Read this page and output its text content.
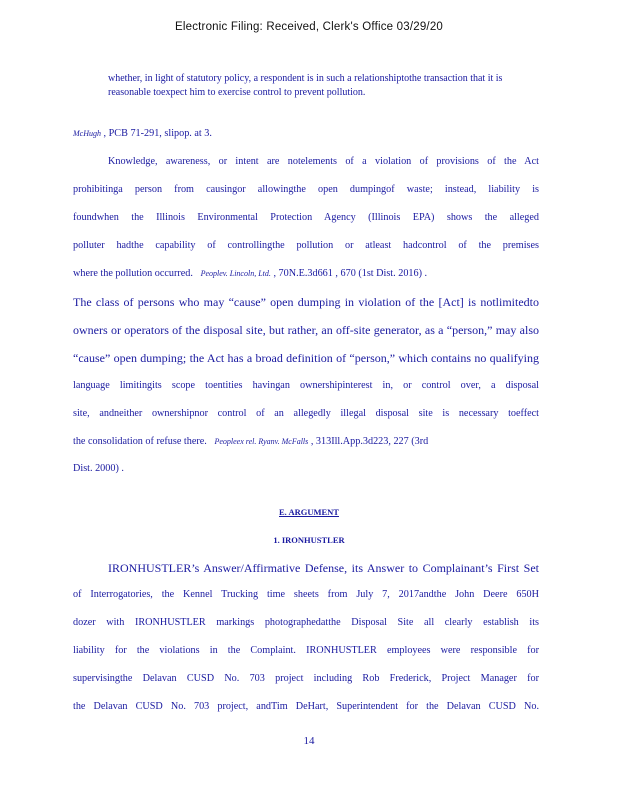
Electronic Filing: Received, Clerk's Office 03/29/20
whether, in light of statutory policy, a respondent is in such a relationshiptothe transaction that it is reasonable toexpect him to exercise control to prevent pollution.
McHugh , PCB 71-291, slipop. at 3.
Knowledge, awareness, or intent are notelements of a violation of provisions of the Act
prohibitinga person from causingor allowingthe open dumpingof waste; instead, liability is
foundwhen the Illinois Environmental Protection Agency (Illinois EPA) shows the alleged
polluter hadthe capability of controllingthe pollution or atleast hadcontrol of the premises
where the pollution occurred. Peoplev. Lincoln, Ltd. , 70N.E.3d661 , 670 (1st Dist. 2016) .
The class of persons who may “cause” open dumping in violation of the [Act] is notlimitedto
owners or operators of the disposal site, but rather, an off-site generator, as a “person,” may also
“cause” open dumping; the Act has a broad definition of “person,” which contains no qualifying
language limitingits scope toentities havingan ownershipinterest in, or control over, a disposal
site, andneither ownershipnor control of an allegedly illegal disposal site is necessary toeffect
the consolidation of refuse there. Peoplеex rel. Ryanv. McFalls , 313Ill.App.3d223, 227 (3rd
Dist. 2000) .
E. ARGUMENT
1. IRONHUSTLER
IRONHUSTLER’s Answer/Affirmative Defense, its Answer to Complainant’s First Set
of Interrogatories, the Kennel Trucking time sheets from July 7, 2017andthe John Deere 650H
dozer with IRONHUSTLER markings photographedatthe Disposal Site all clearly establish its
liability for the violations in the Complaint. IRONHUSTLER employees were responsible for
supervisingthe Delavan CUSD No. 703 project including Rob Frederick, Project Manager for
the Delavan CUSD No. 703 project, andTim DeHart, Superintendent for the Delavan CUSD No.
14
